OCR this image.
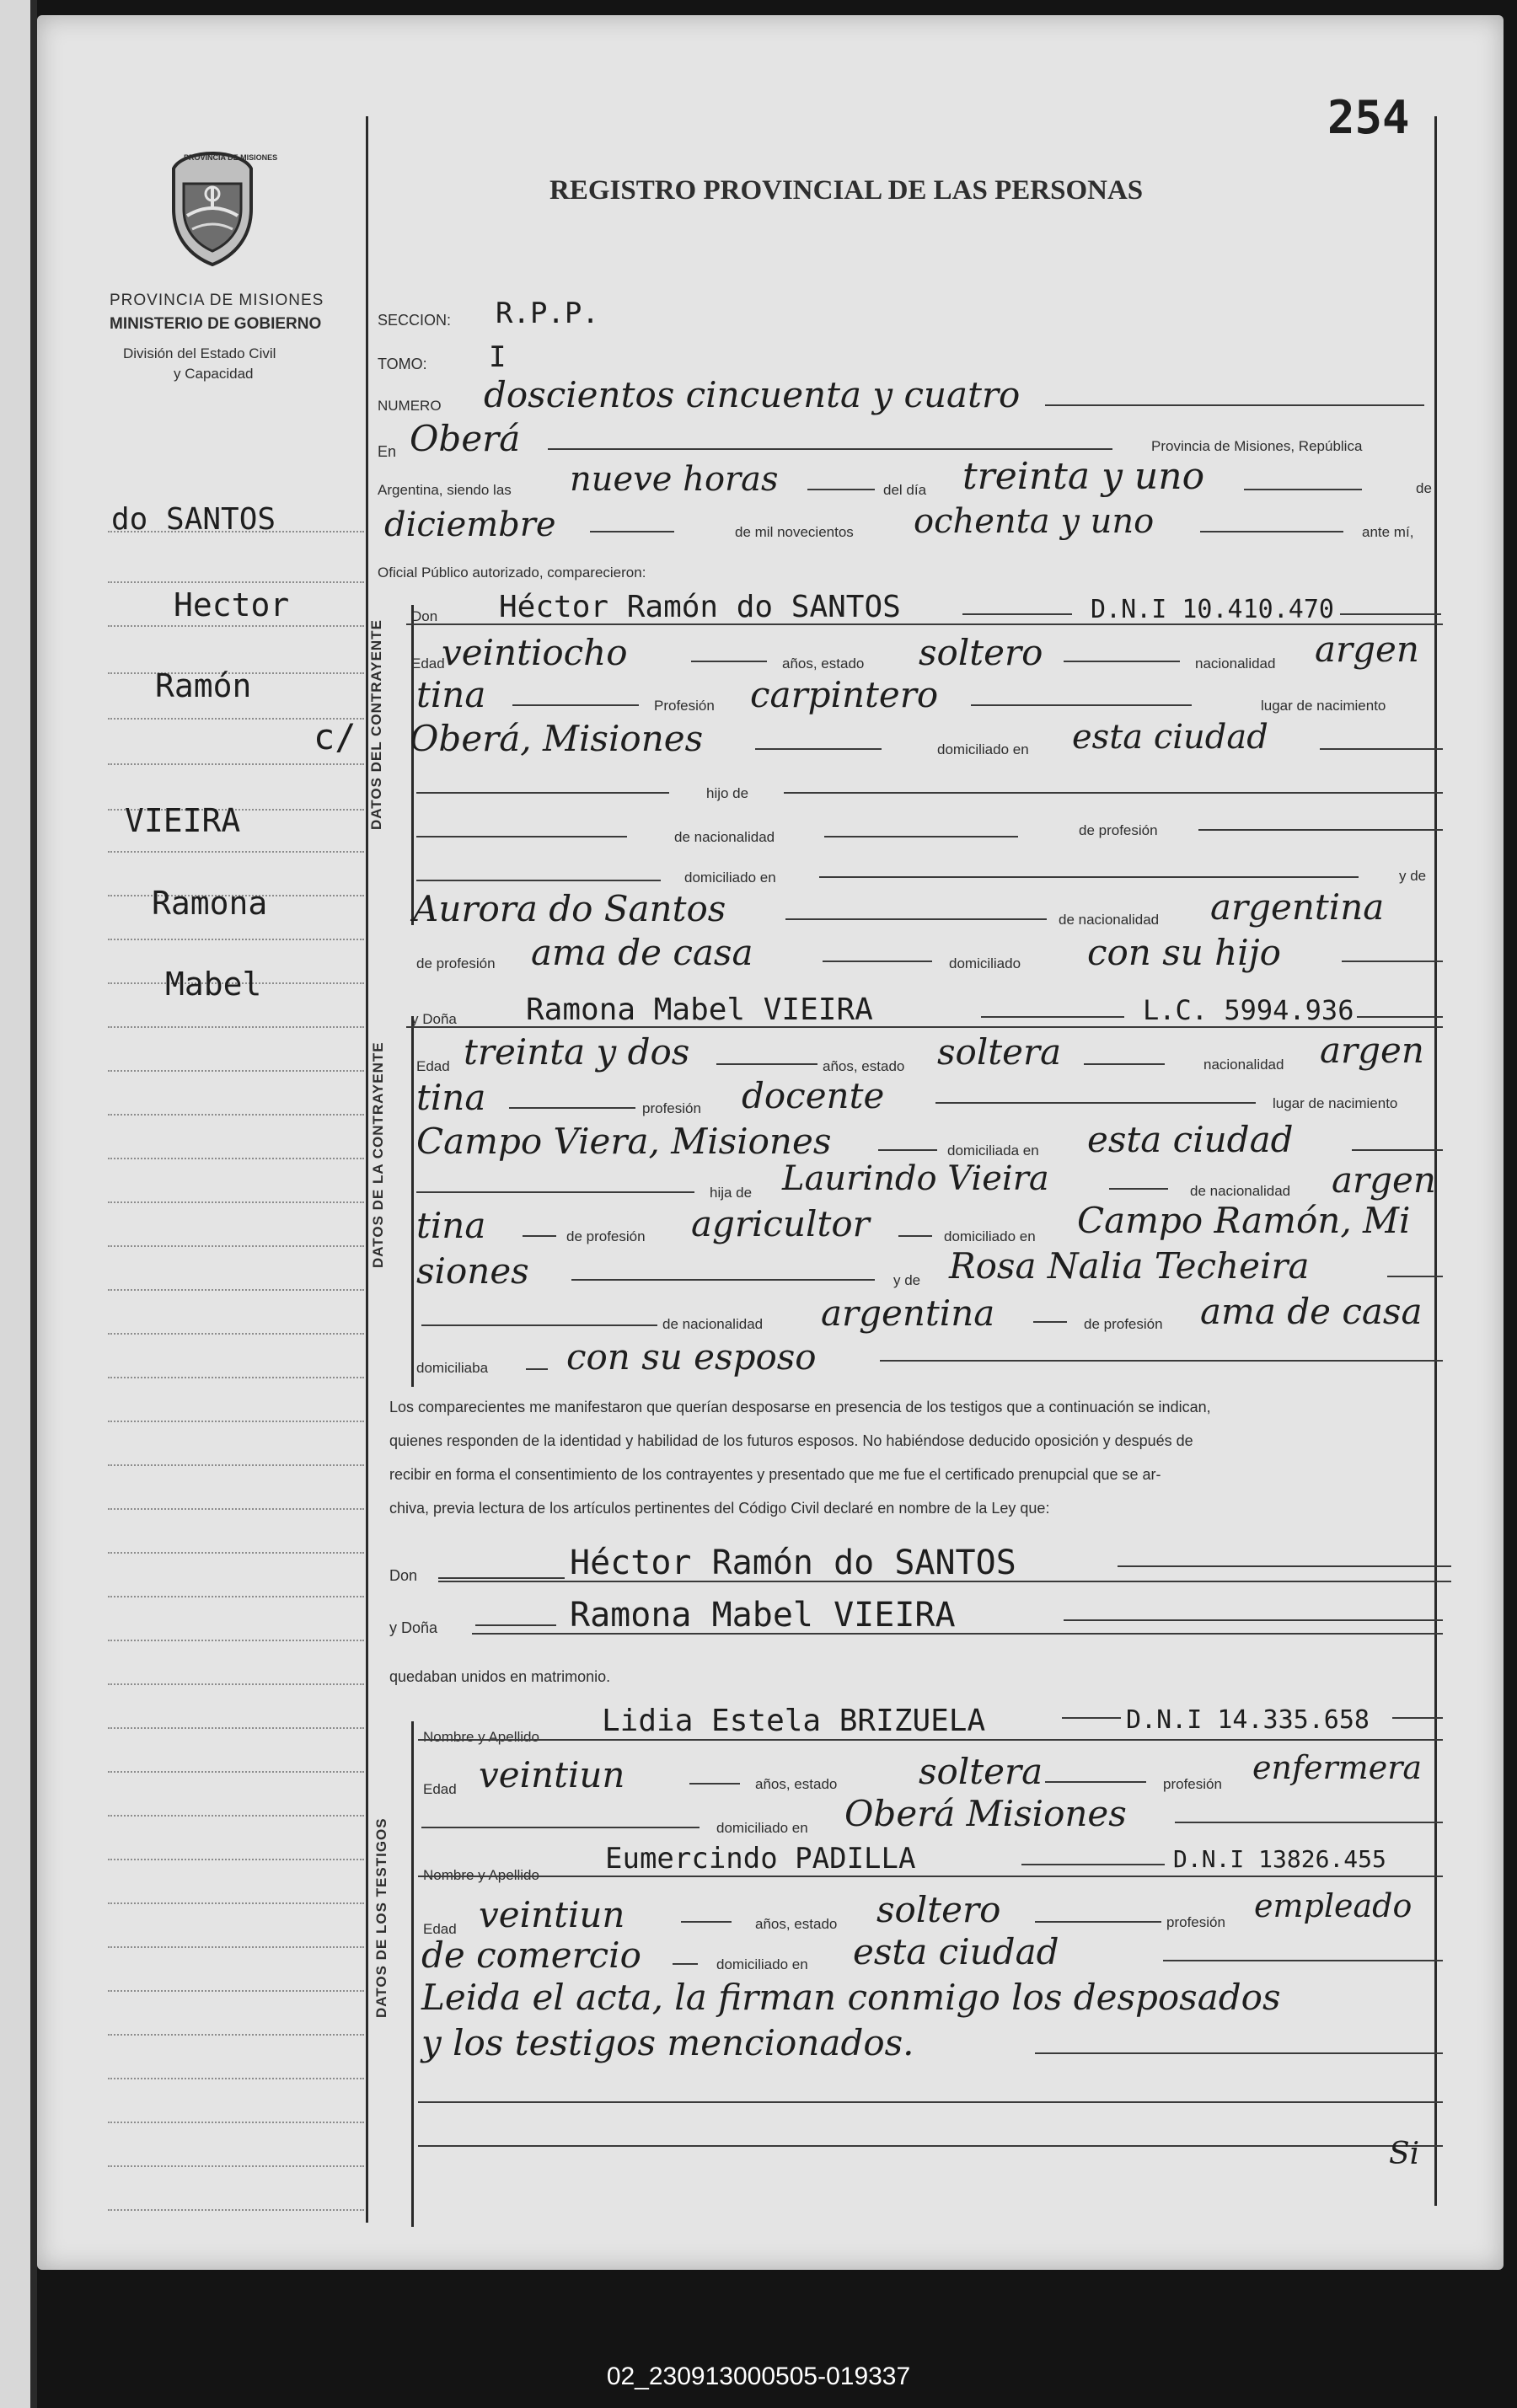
254
PROVINCIA DE MISIONES
PROVINCIA DE MISIONES
MINISTERIO DE GOBIERNO
División del Estado Civil
y Capacidad
REGISTRO PROVINCIAL DE LAS PERSONAS
do SANTOS
Hector
Ramón
c/
VIEIRA
Ramona
Mabel
SECCION: R.P.P.
TOMO: I
NUMERO doscientos cincuenta y cuatro
En Oberá	Provincia de Misiones, República
Argentina, siendo las nueve horas	del día treinta y uno	de
diciembre	de mil novecientos ochenta y uno	ante mí,
Oficial Público autorizado, comparecieron:
DATOS DEL CONTRAYENTE
DATOS DE LA CONTRAYENTE
DATOS DE LOS TESTIGOS
Don Héctor Ramón do SANTOS	D.N.I 10.410.470
Edad
veintiocho	años, estado soltero	nacionalidad argen
tina	Profesión carpintero	lugar de nacimiento
Oberá, Misiones	domiciliado en esta ciudad
hijo de
de nacionalidad	de profesión
domiciliado en	y de
Aurora do Santos	de nacionalidad argentina
de profesión ama de casa	domiciliado con su hijo
y Doña Ramona Mabel VIEIRA	L.C. 5994.936
Edad treinta y dos	años, estado soltera	nacionalidad argen
tina	profesión docente	lugar de nacimiento
Campo Viera, Misiones	domiciliada en esta ciudad
hija de Laurindo Vieira	de nacionalidad argen
tina	de profesión agricultor	domiciliado en Campo Ramón, Mi
siones	y de Rosa Nalia Techeira
de nacionalidad argentina	de profesión ama de casa
domiciliaba con su esposo
Los comparecientes me manifestaron que querían desposarse en presencia de los testigos que a continuación se indican,
quienes responden de la identidad y habilidad de los futuros esposos. No habiéndose deducido oposición y después de
recibir en forma el consentimiento de los contrayentes y presentado que me fue el certificado prenupcial que se ar-
chiva, previa lectura de los artículos pertinentes del Código Civil declaré en nombre de la Ley que:
Don	Héctor Ramón do SANTOS
y Doña	Ramona Mabel VIEIRA
quedaban unidos en matrimonio.
Nombre y Apellido Lidia Estela BRIZUELA	D.N.I 14.335.658
Edad veintiun	años, estado soltera	profesión enfermera
domiciliado en Oberá Misiones
Nombre y Apellido Eumercindo PADILLA	D.N.I 13826.455
Edad veintiun	años, estado soltero	profesión empleado
de comercio	domiciliado en esta ciudad
Leida el acta, la firman conmigo los desposados
y los testigos mencionados.
Si
02_230913000505-019337
